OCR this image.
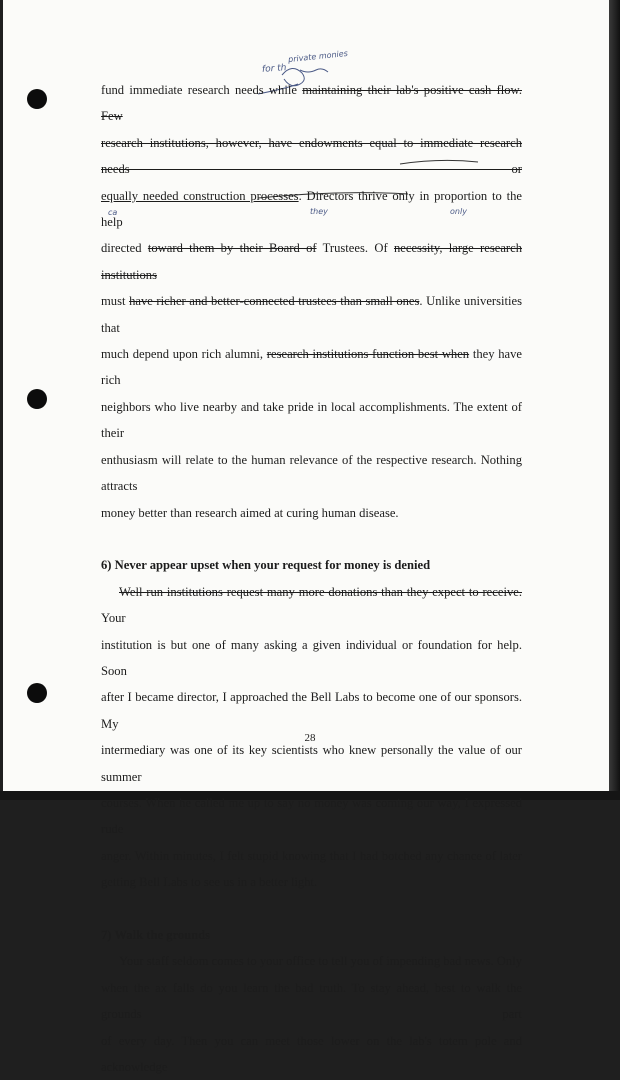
private monies
for th
ca	they	only

fund immediate research needs while maintaining their lab's positive cash flow. Few

research institutions, however, have endowments equal to immediate research needs or

equally needed construction processes. Directors thrive only in proportion to the help

directed toward them by their Board of Trustees. Of necessity, large research institutions

must have richer and better-connected trustees than small ones. Unlike universities that

much depend upon rich alumni, research institutions function best when they have rich

neighbors who live nearby and take pride in local accomplishments. The extent of their

enthusiasm will relate to the human relevance of the respective research. Nothing attracts

money better than research aimed at curing human disease.

6) Never appear upset when your request for money is denied

Well run institutions request many more donations than they expect to receive. Your

institution is but one of many asking a given individual or foundation for help. Soon

after I became director, I approached the Bell Labs to become one of our sponsors. My

intermediary was one of its key scientists who knew personally the value of our summer

courses. When he called me up to say no money was coming our way, I expressed rude

anger. Within minutes, I felt stupid knowing that I had botched any chance of later

getting Bell Labs to see us in a better light.

7) Walk the grounds

Your staff seldom comes to your office to tell you of impending bad news. Only

when the ax falls do you learn the bad truth. To stay ahead, best to walk the grounds part

of every day. Then you can meet those lower on the lab's totem pole and acknowledge

28
